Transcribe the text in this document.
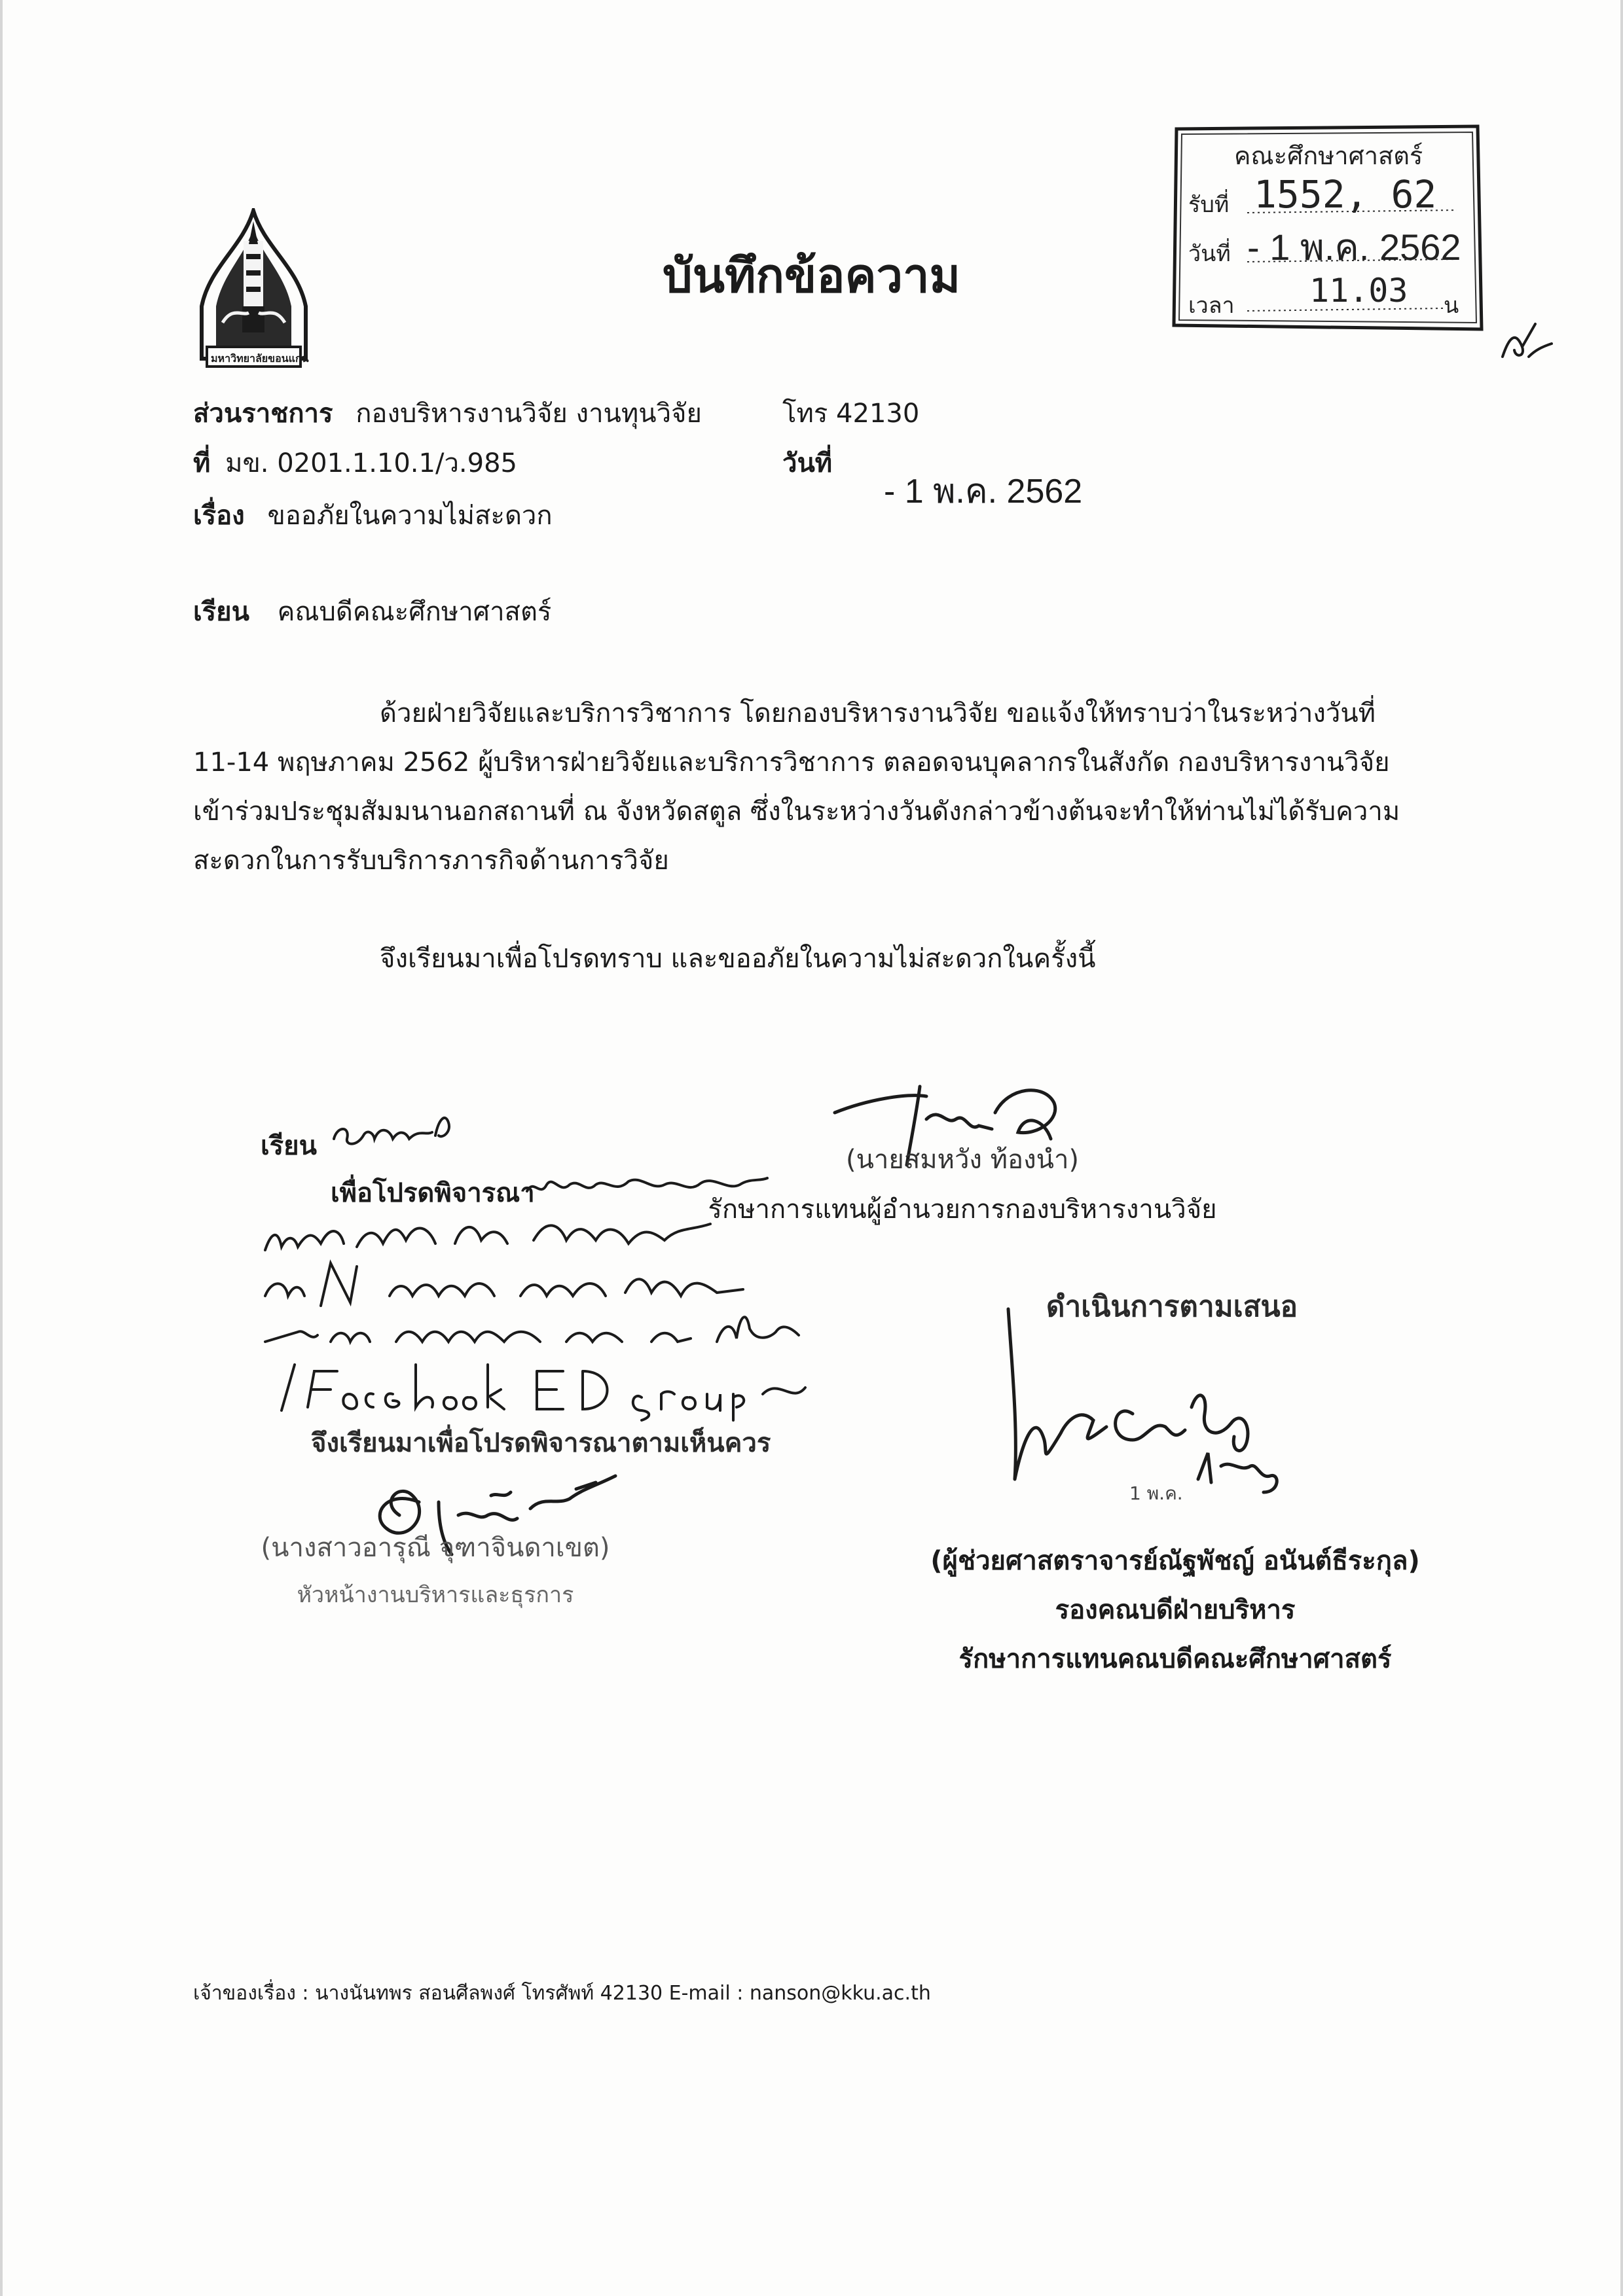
มหาวิทยาลัยขอนแก่น
คณะศึกษาศาสตร์
รับที่ 1552, 62
วันที่ - 1 พ.ค. 2562
เวลา 11.03 น
บันทึกข้อความ
ส่วนราชการ กองบริหารงานวิจัย งานทุนวิจัย	โทร 42130
ที่ มข. 0201.1.10.1/ว.985	วันที่
- 1 พ.ค. 2562
เรื่อง ขออภัยในความไม่สะดวก
เรียน คณบดีคณะศึกษาศาสตร์
ด้วยฝ่ายวิจัยและบริการวิชาการ โดยกองบริหารงานวิจัย ขอแจ้งให้ทราบว่าในระหว่างวันที่
11-14 พฤษภาคม 2562 ผู้บริหารฝ่ายวิจัยและบริการวิชาการ ตลอดจนบุคลากรในสังกัด กองบริหารงานวิจัย
เข้าร่วมประชุมสัมมนานอกสถานที่ ณ จังหวัดสตูล ซึ่งในระหว่างวันดังกล่าวข้างต้นจะทำให้ท่านไม่ได้รับความ
สะดวกในการรับบริการภารกิจด้านการวิจัย
จึงเรียนมาเพื่อโปรดทราบ และขออภัยในความไม่สะดวกในครั้งนี้
(นายสมหวัง ท้องนำ)
รักษาการแทนผู้อำนวยการกองบริหารงานวิจัย
เรียน
เพื่อโปรดพิจารณา
จึงเรียนมาเพื่อโปรดพิจารณาตามเห็นควร
(นางสาวอารุณี จุฑาจินดาเขต)
หัวหน้างานบริหารและธุรการ
ดำเนินการตามเสนอ
1 พ.ค.
(ผู้ช่วยศาสตราจารย์ณัฐพัชญ์ อนันต์ธีระกุล)
รองคณบดีฝ่ายบริหาร
รักษาการแทนคณบดีคณะศึกษาศาสตร์
เจ้าของเรื่อง : นางนันทพร สอนศีลพงศ์ โทรศัพท์ 42130 E-mail : nanson@kku.ac.th
